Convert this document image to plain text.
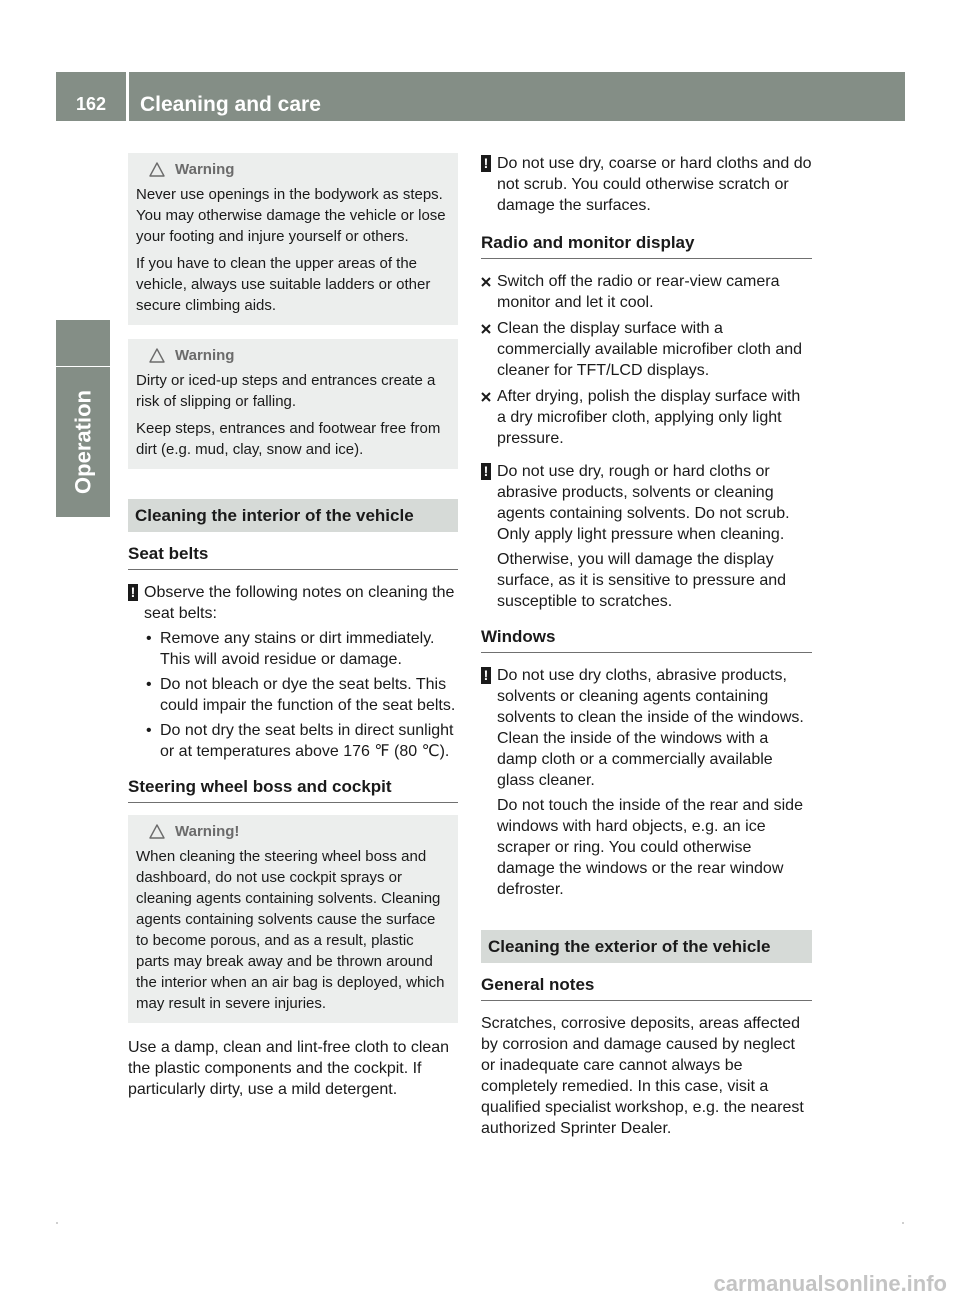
162	Cleaning and care
Operation
Warning

Never use openings in the bodywork as steps. You may otherwise damage the vehicle or lose your footing and injure yourself or others.

If you have to clean the upper areas of the vehicle, always use suitable ladders or other secure climbing aids.

Warning

Dirty or iced-up steps and entrances create a risk of slipping or falling.

Keep steps, entrances and footwear free from dirt (e.g. mud, clay, snow and ice).

Cleaning the interior of the vehicle
Seat belts
! Observe the following notes on cleaning the seat belts:

• Remove any stains or dirt immediately. This will avoid residue or damage.
• Do not bleach or dye the seat belts. This could impair the function of the seat belts.
• Do not dry the seat belts in direct sunlight or at temperatures above 176 ℉ (80 ℃).
Steering wheel boss and cockpit
Warning!

When cleaning the steering wheel boss and dashboard, do not use cockpit sprays or cleaning agents containing solvents. Cleaning agents containing solvents cause the surface to become porous, and as a result, plastic parts may break away and be thrown around the interior when an air bag is deployed, which may result in severe injuries.

Use a damp, clean and lint-free cloth to clean the plastic components and the cockpit. If particularly dirty, use a mild detergent.

! Do not use dry, coarse or hard cloths and do not scrub. You could otherwise scratch or damage the surfaces.

Radio and monitor display
Switch off the radio or rear-view camera monitor and let it cool.
Clean the display surface with a commercially available microfiber cloth and cleaner for TFT/LCD displays.
After drying, polish the display surface with a dry microfiber cloth, applying only light pressure.
! Do not use dry, rough or hard cloths or abrasive products, solvents or cleaning agents containing solvents. Do not scrub. Only apply light pressure when cleaning.

Otherwise, you will damage the display surface, as it is sensitive to pressure and susceptible to scratches.

Windows
! Do not use dry cloths, abrasive products, solvents or cleaning agents containing solvents to clean the inside of the windows. Clean the inside of the windows with a damp cloth or a commercially available glass cleaner.

Do not touch the inside of the rear and side windows with hard objects, e.g. an ice scraper or ring. You could otherwise damage the windows or the rear window defroster.

Cleaning the exterior of the vehicle
General notes

Scratches, corrosive deposits, areas affected by corrosion and damage caused by neglect or inadequate care cannot always be completely remedied. In this case, visit a qualified specialist workshop, e.g. the nearest authorized Sprinter Dealer.

carmanualsonline.info
